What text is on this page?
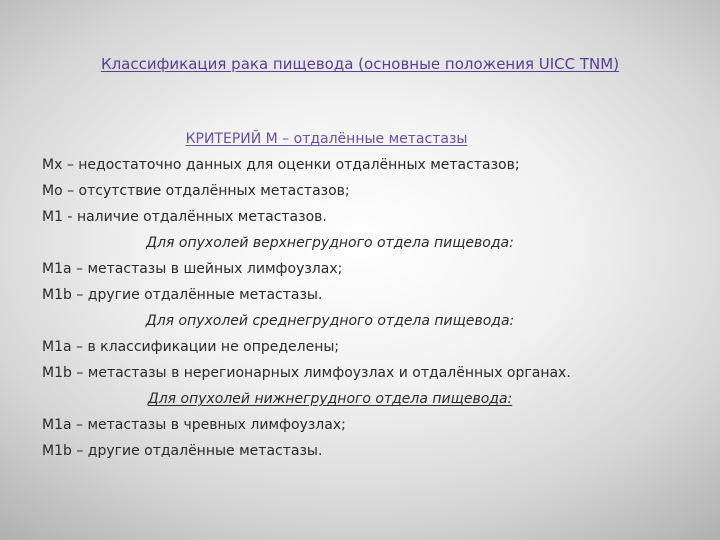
Классификация рака пищевода (основные положения UICC TNM)
КРИТЕРИЙ М – отдалённые метастазы
Мх – недостаточно данных для оценки отдалённых метастазов;
Мо – отсутствие отдалённых метастазов;
М1 - наличие отдалённых метастазов.
Для опухолей верхнегрудного отдела пищевода:
М1а – метастазы в шейных лимфоузлах;
М1b – другие отдалённые метастазы.
Для опухолей среднегрудного отдела пищевода:
М1а – в классификации не определены;
М1b – метастазы в нерегионарных лимфоузлах и отдалённых органах.
Для опухолей нижнегрудного отдела пищевода:
М1а – метастазы в чревных лимфоузлах;
М1b – другие отдалённые метастазы.
